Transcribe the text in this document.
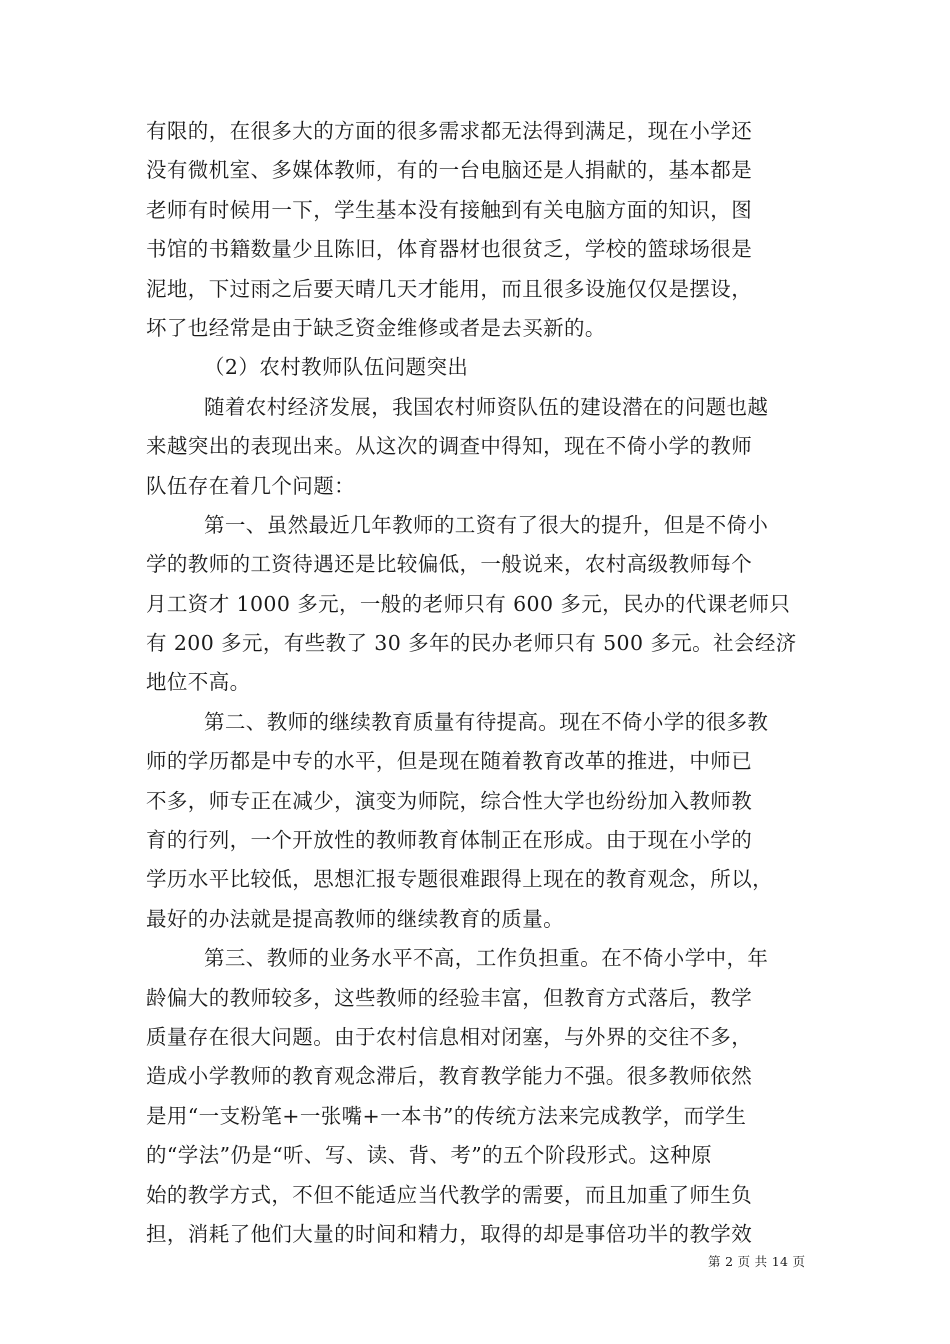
有限的，在很多大的方面的很多需求都无法得到满足，现在小学还
没有微机室、多媒体教师，有的一台电脑还是人捐献的，基本都是
老师有时候用一下，学生基本没有接触到有关电脑方面的知识，图
书馆的书籍数量少且陈旧，体育器材也很贫乏，学校的篮球场很是
泥地，下过雨之后要天晴几天才能用，而且很多设施仅仅是摆设，
坏了也经常是由于缺乏资金维修或者是去买新的。
（2）农村教师队伍问题突出
随着农村经济发展，我国农村师资队伍的建设潜在的问题也越
来越突出的表现出来。从这次的调查中得知，现在不倚小学的教师
队伍存在着几个问题：
第一、虽然最近几年教师的工资有了很大的提升，但是不倚小
学的教师的工资待遇还是比较偏低，一般说来，农村高级教师每个
月工资才 1000 多元，一般的老师只有 600 多元，民办的代课老师只
有 200 多元，有些教了 30 多年的民办老师只有 500 多元。社会经济
地位不高。
第二、教师的继续教育质量有待提高。现在不倚小学的很多教
师的学历都是中专的水平，但是现在随着教育改革的推进，中师已
不多，师专正在减少，演变为师院，综合性大学也纷纷加入教师教
育的行列，一个开放性的教师教育体制正在形成。由于现在小学的
学历水平比较低，思想汇报专题很难跟得上现在的教育观念，所以，
最好的办法就是提高教师的继续教育的质量。
第三、教师的业务水平不高，工作负担重。在不倚小学中，年
龄偏大的教师较多，这些教师的经验丰富，但教育方式落后，教学
质量存在很大问题。由于农村信息相对闭塞，与外界的交往不多，
造成小学教师的教育观念滞后，教育教学能力不强。很多教师依然
是用“一支粉笔+一张嘴+一本书”的传统方法来完成教学，而学生
的“学法”仍是“听、写、读、背、考”的五个阶段形式。这种原
始的教学方式，不但不能适应当代教学的需要，而且加重了师生负
担，消耗了他们大量的时间和精力，取得的却是事倍功半的教学效
第 2 页 共 14 页
